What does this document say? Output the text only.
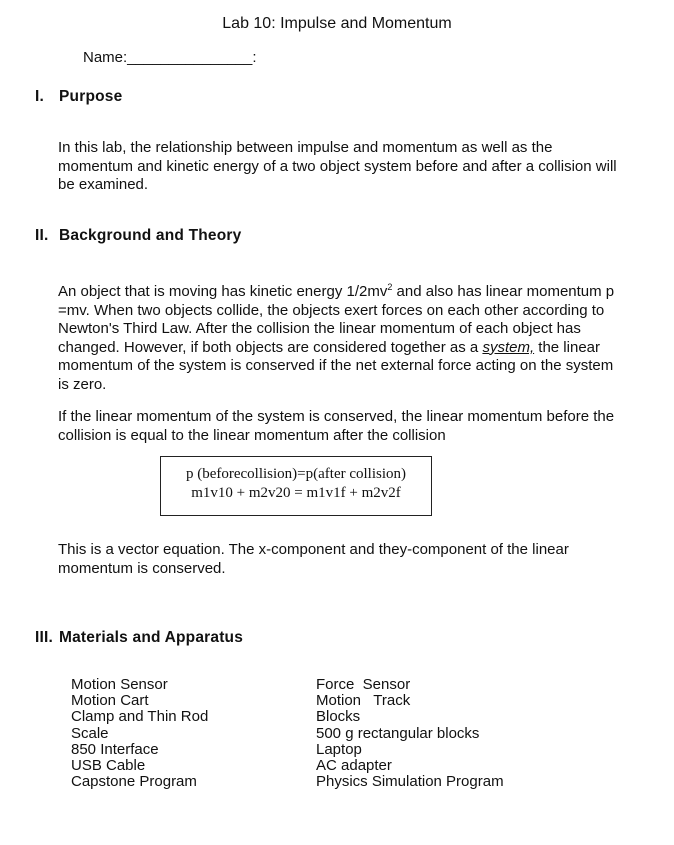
Lab 10: Impulse and Momentum
Name:_______________:
I. Purpose
In this lab, the relationship between impulse and momentum as well as the momentum and kinetic energy of a two object system before and after a collision will be examined.
II. Background and Theory
An object that is moving has kinetic energy $1/2mv^2$ and also has linear momentum p =mv. When two objects collide, the objects exert forces on each other according to Newton's Third Law. After the collision the linear momentum of each object has changed. However, if both objects are considered together as a system, the linear momentum of the system is conserved if the net external force acting on the system is zero.
If the linear momentum of the system is conserved, the linear momentum before the collision is equal to the linear momentum after the collision
p (beforecollision)=p(after collision)
m1v10 + m2v20 = m1v1f + m2v2f
This is a vector equation. The x-component and they-component of the linear momentum is conserved.
III. Materials and Apparatus
Motion Sensor
Motion Cart
Clamp and Thin Rod
Scale
850 Interface
USB Cable
Capstone Program
Force  Sensor
Motion   Track
Blocks
500 g rectangular blocks
Laptop
AC adapter
Physics Simulation Program
